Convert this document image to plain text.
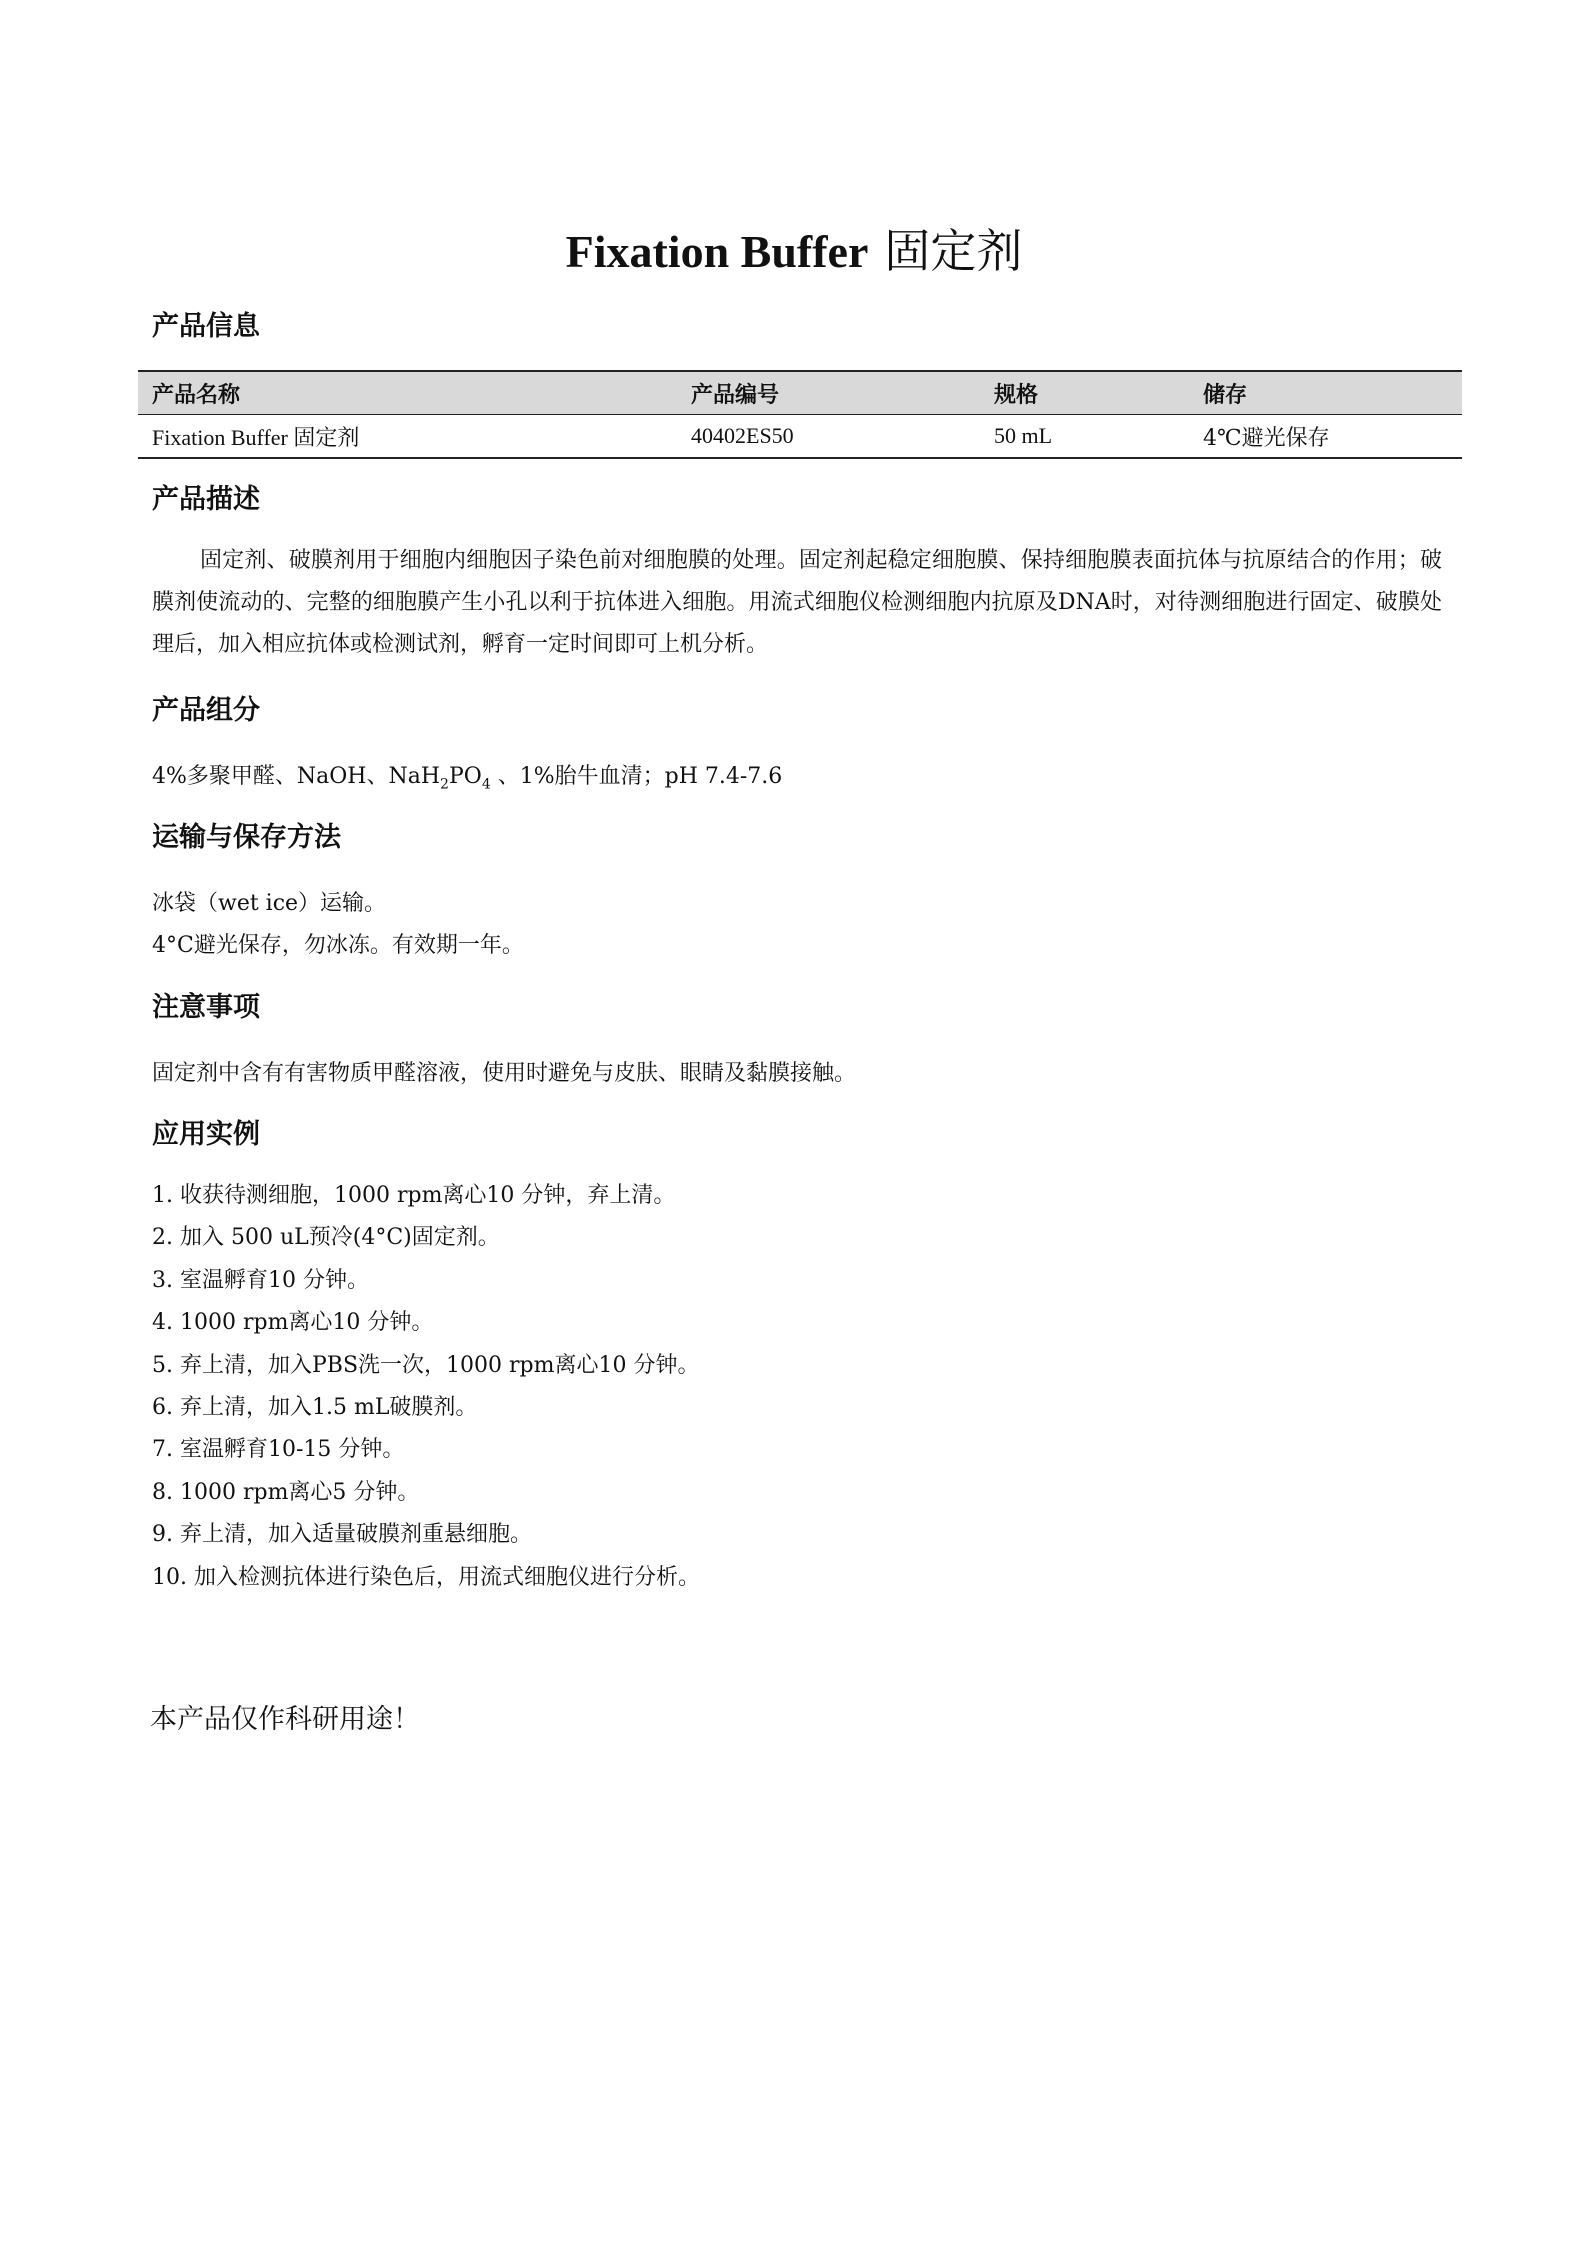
Fixation Buffer 固定剂
产品信息
产品名称	产品编号	规格	储存
Fixation Buffer 固定剂	40402ES50	50 mL	4℃避光保存
产品描述

固定剂、破膜剂用于细胞内细胞因子染色前对细胞膜的处理。固定剂起稳定细胞膜、保持细胞膜表面抗体与抗原结合的作用；破膜剂使流动的、完整的细胞膜产生小孔以利于抗体进入细胞。用流式细胞仪检测细胞内抗原及DNA时，对待测细胞进行固定、破膜处理后，加入相应抗体或检测试剂，孵育一定时间即可上机分析。

产品组分

4%多聚甲醛、NaOH、$NaH_2PO_4$ 、1%胎牛血清；pH 7.4-7.6

运输与保存方法

冰袋（wet ice）运输。

4°C避光保存，勿冰冻。有效期一年。

注意事项

固定剂中含有有害物质甲醛溶液，使用时避免与皮肤、眼睛及黏膜接触。

应用实例
1. 收获待测细胞，1000 rpm离心10 分钟，弃上清。
2. 加入 500 uL预冷(4°C)固定剂。
3. 室温孵育10 分钟。
4. 1000 rpm离心10 分钟。
5. 弃上清，加入PBS洗一次，1000 rpm离心10 分钟。
6. 弃上清，加入1.5 mL破膜剂。
7. 室温孵育10-15 分钟。
8. 1000 rpm离心5 分钟。
9. 弃上清，加入适量破膜剂重悬细胞。
10. 加入检测抗体进行染色后，用流式细胞仪进行分析。

本产品仅作科研用途！
